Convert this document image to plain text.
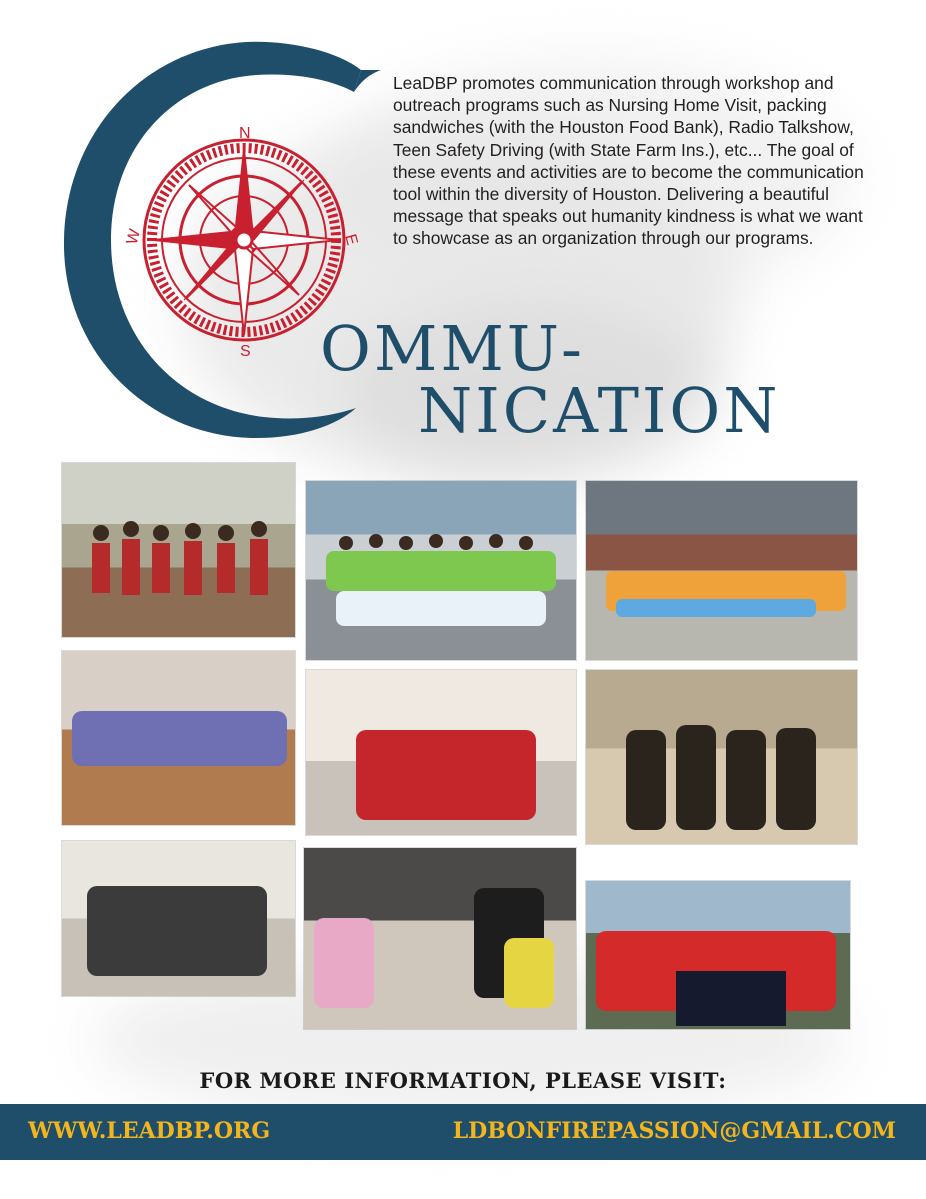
N
S
W	E
LeaDBP promotes communication through workshop and outreach programs such as Nursing Home Visit, packing sandwiches (with the Houston Food Bank), Radio Talkshow, Teen Safety Driving (with State Farm Ins.), etc... The goal of these events and activities are to become the communication tool within the diversity of Houston. Delivering a beautiful message that speaks out humanity kindness is what we want to showcase as an organization through our programs.
OMMU-
NICATION
FOR MORE INFORMATION, PLEASE VISIT:
WWW.LEADBP.ORG	LDBONFIREPASSION@GMAIL.COM
